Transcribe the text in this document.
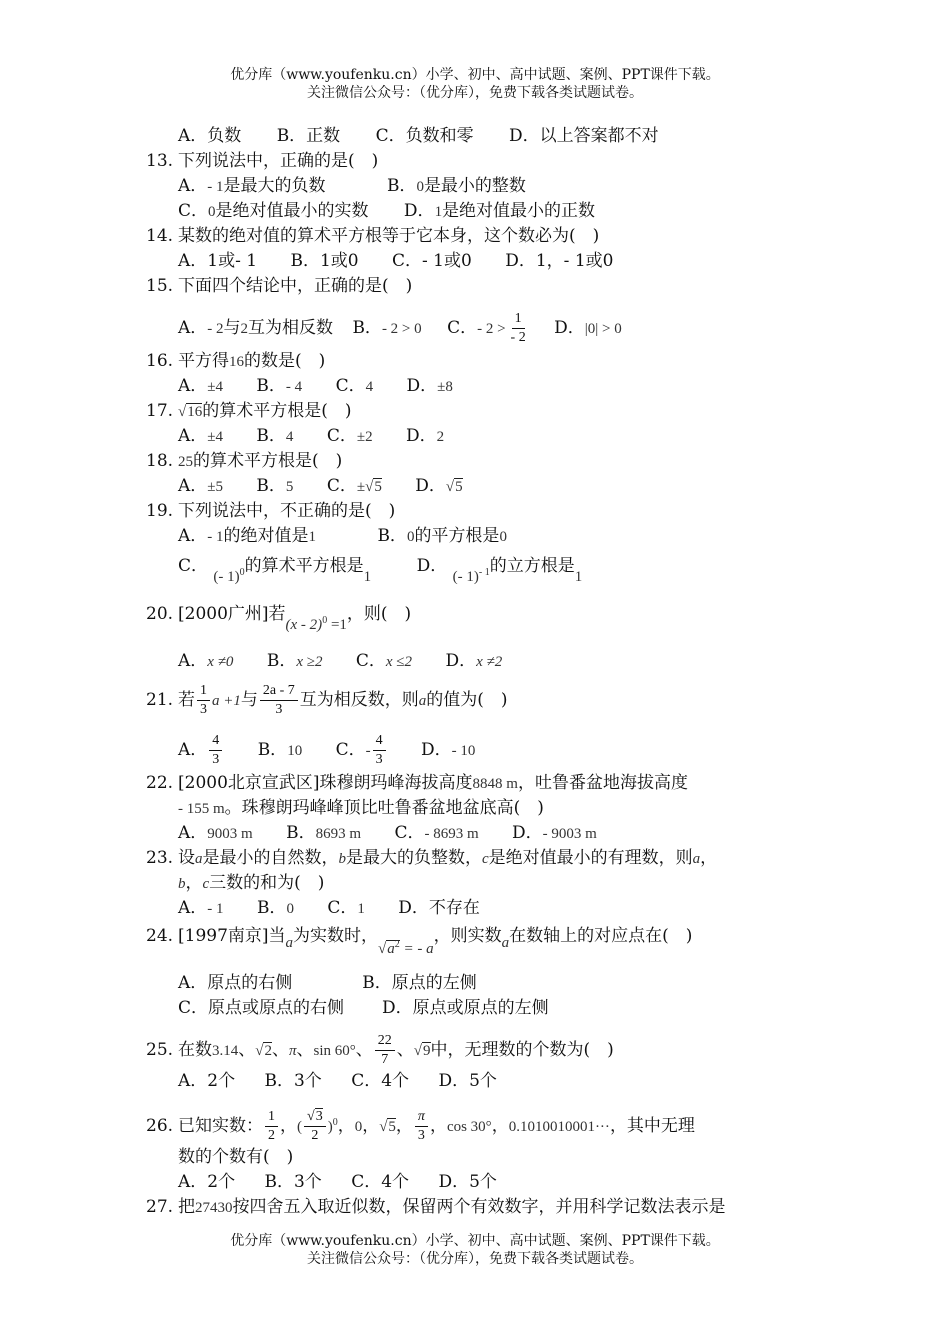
优分库（www.youfenku.cn）小学、初中、高中试题、案例、PPT课件下载。
关注微信公众号：（优分库），免费下载各类试题试卷。
A．负数 B．正数 C．负数和零 D．以上答案都不对
13. 下列说法中，正确的是(　)
A．- 1是最大的负数	B．0是最小的整数
C．0是绝对值最小的实数 D．1是绝对值最小的正数
14. 某数的绝对值的算术平方根等于它本身，这个数必为(　)
A．1或- 1 B．1或0 C．- 1或0 D．1，- 1或0
15. 下面四个结论中，正确的是(　)
A．- 2与2互为相反数 B．- 2 > 0 C．- $2 > \frac{1}{- 2}$ D．|0| > 0
16. 平方得16的数是(　)
A．±4 B．- 4 C．4 D．±8
17. √16的算术平方根是(　)
A．±4 B．4 C．±2 D．2
18. 25的算术平方根是(　)
A．±5 B．5 C．±√5 D．√5
19. 下列说法中，不正确的是(　)
A．- 1的绝对值是1	B．0的平方根是0
C． (- 1)$^0$的算术平方根是1 D． (- 1)$^{- 1}$的立方根是1
20. [2000广州]若(x - 2)$^0$ =1，则(　)
A．x ≠0 B．x ≥2 C．x ≤2 D．x ≠2
21. 若 $\frac{1}{3}$ a +1与 $\frac{2a - 7}{3}$ 互为相反数，则a的值为(　)
A． $\frac{4}{3}$ B．10 C．- $\frac{4}{3}$ D．- 10
22. [2000北京宣武区]珠穆朗玛峰海拔高度8848 m，吐鲁番盆地海拔高度
- 155 m。珠穆朗玛峰峰顶比吐鲁番盆地盆底高(　)
A．9003 m B．8693 m C．- 8693 m D．- 9003 m
23. 设a是最小的自然数，b是最大的负整数，c是绝对值最小的有理数，则a，
b，c三数的和为(　)
A．- 1 B．0 C．1 D．不存在
24. [1997南京]当a为实数时，$√a^2$ = - a，则实数a在数轴上的对应点在(　)
A．原点的右侧	B．原点的左侧
C．原点或原点的右侧 D．原点或原点的左侧
25. 在数3.14、√2、π、sin 60°、 $\frac{22}{7}$ 、√9中，无理数的个数为(　)
A．2个 B．3个 C．4个 D．5个
26. 已知实数： $\frac{1}{2}$ ，( $\frac{√3}{2} )^0$，0，√5， $\frac{\pi}{3}$ ，cos 30°，0.1010010001···，其中无理
数的个数有(　)
A．2个 B．3个 C．4个 D．5个
27. 把27430按四舍五入取近似数，保留两个有效数字，并用科学记数法表示是
优分库（www.youfenku.cn）小学、初中、高中试题、案例、PPT课件下载。
关注微信公众号：（优分库），免费下载各类试题试卷。
